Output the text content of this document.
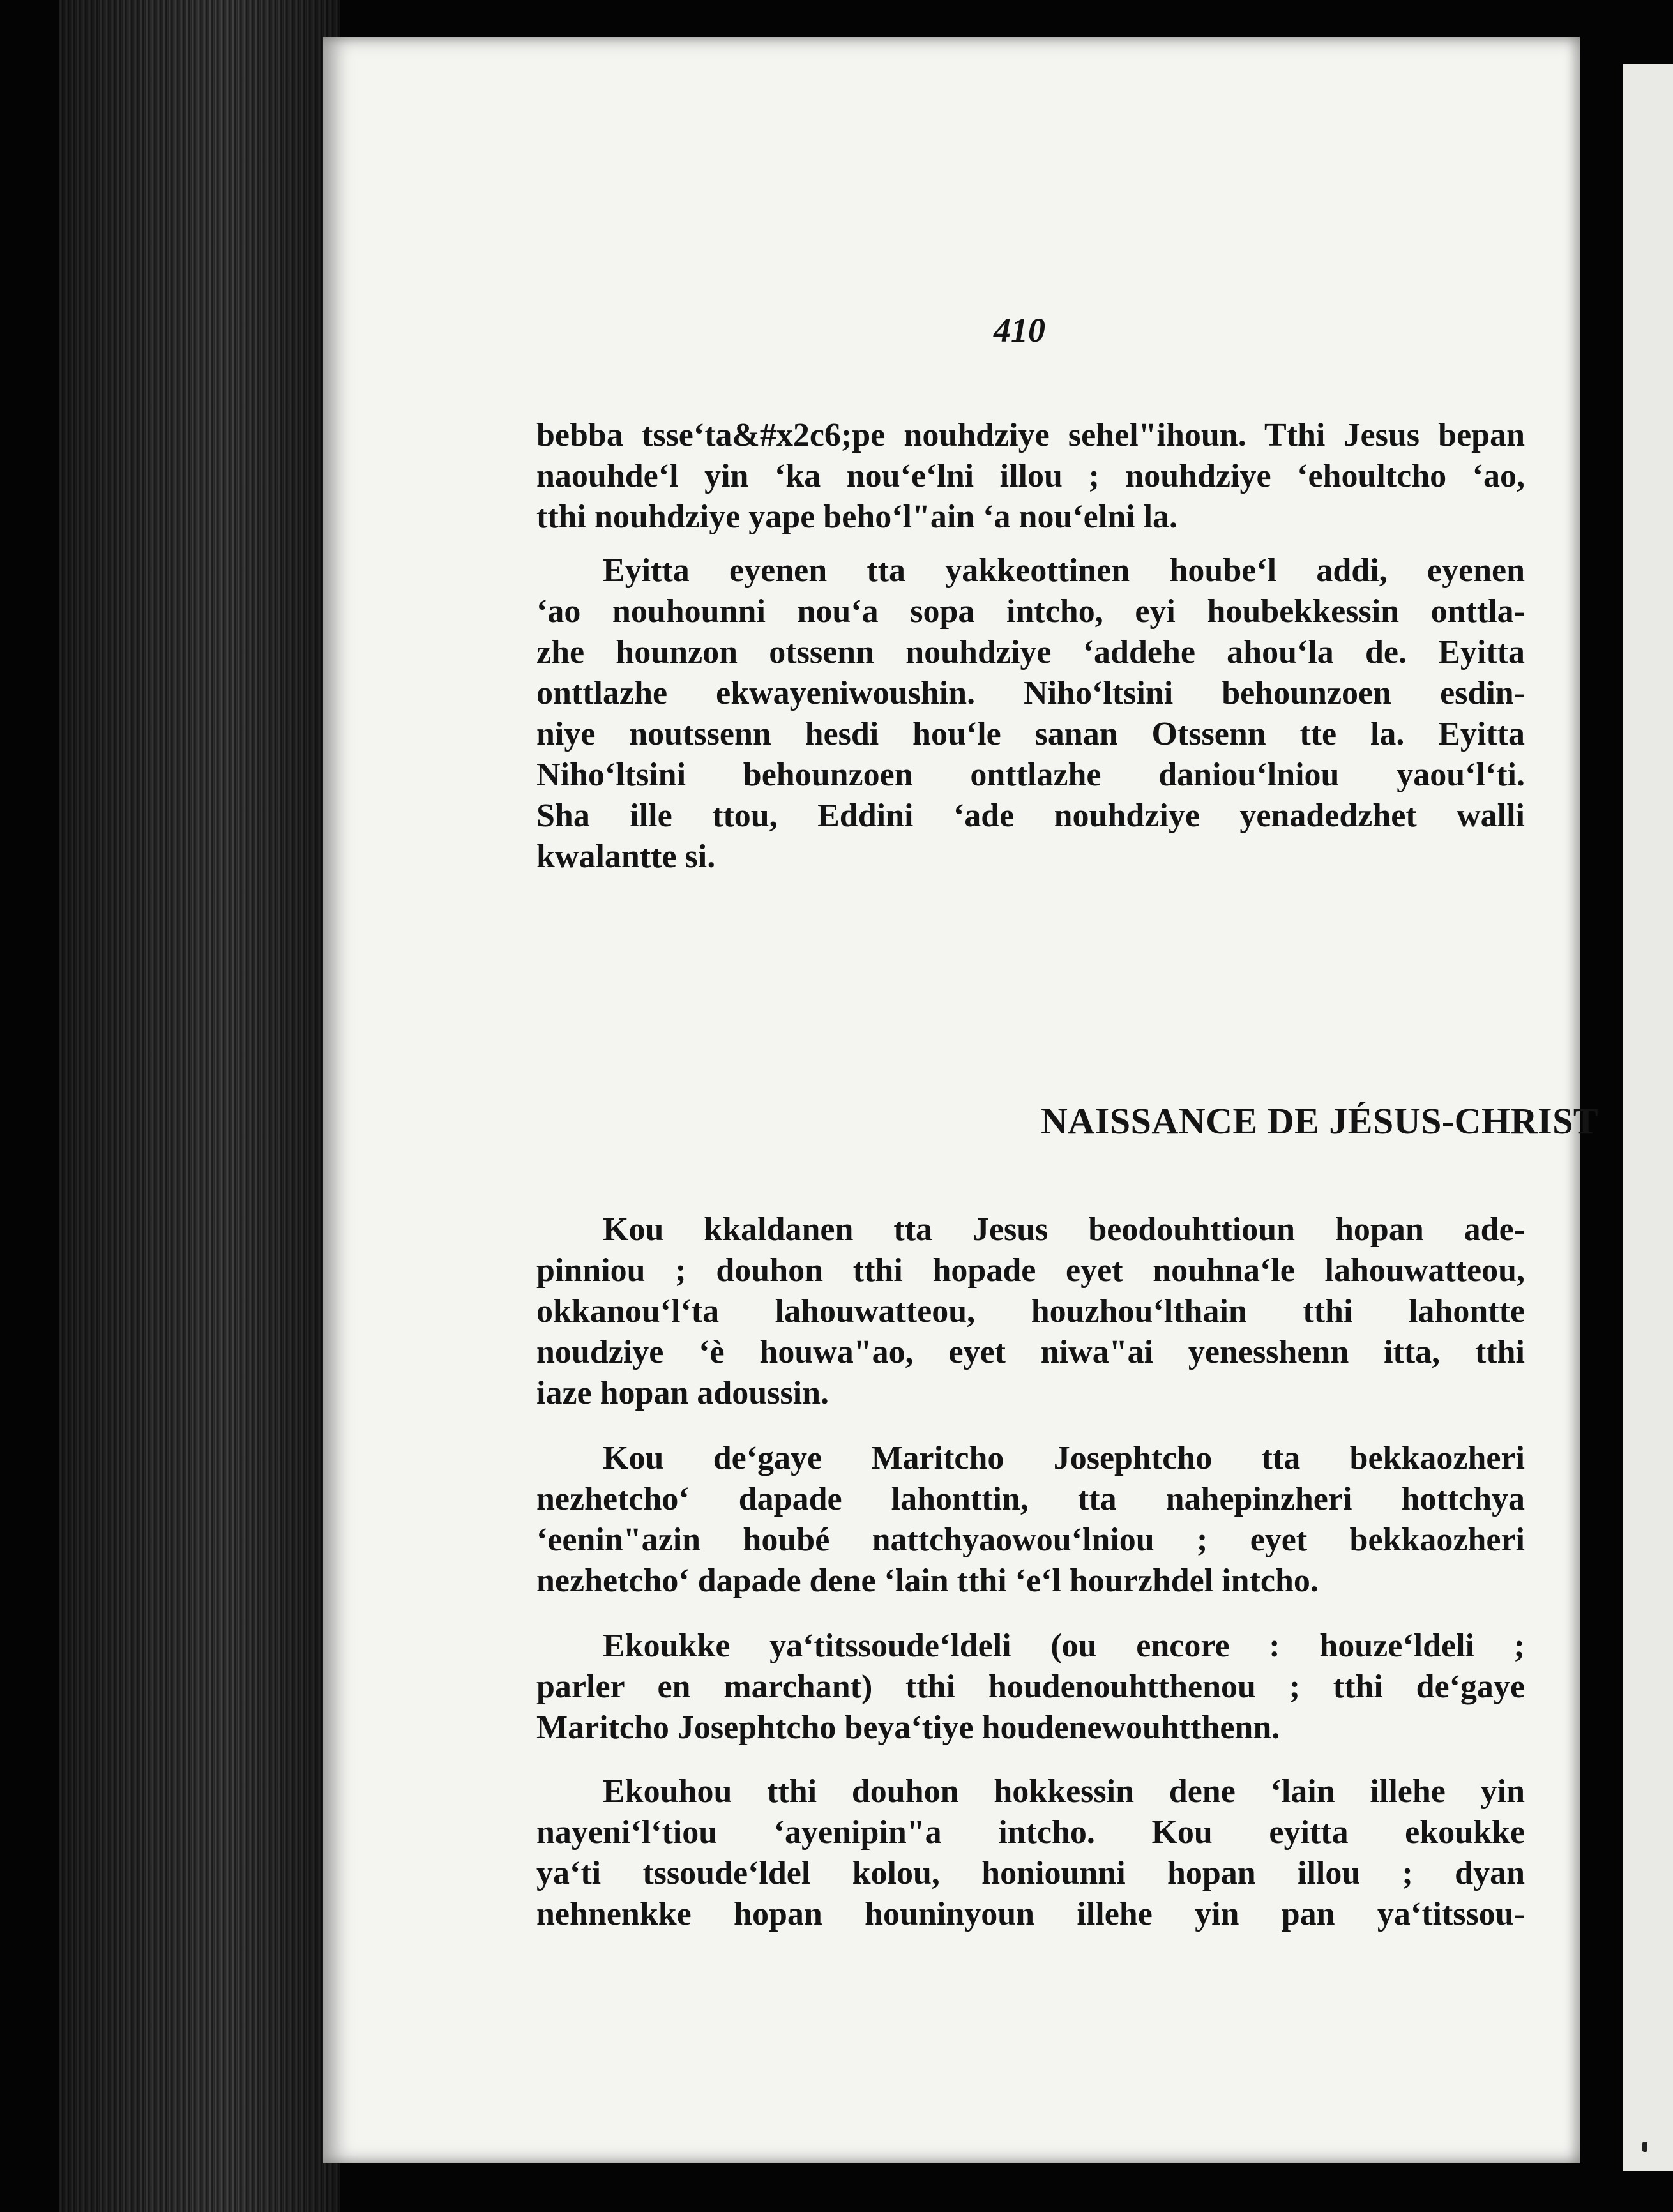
410

bebba tsse‘ta&#x2c6;pe nouhdziye sehel"ihoun. Tthi Jesus bepan
naouhde‘l yin ‘ka nou‘e‘lni illou ; nouhdziye ‘ehoultcho ‘ao,
tthi nouhdziye yape beho‘l"ain ‘a nou‘elni la.

Eyitta eyenen tta yakkeottinen hoube‘l addi, eyenen
‘ao nouhounni nou‘a sopa intcho, eyi houbekkessin onttla-
zhe hounzon otssenn nouhdziye ‘addehe ahou‘la de. Eyitta
onttlazhe ekwayeniwoushin. Niho‘ltsini behounzoen esdin-
niye noutssenn hesdi hou‘le sanan Otssenn tte la. Eyitta
Niho‘ltsini behounzoen onttlazhe daniou‘lniou yaou‘l‘ti.
Sha ille ttou, Eddini ‘ade nouhdziye yenadedzhet walli
kwalantte si.

NAISSANCE DE JÉSUS-CHRIST

Kou kkaldanen tta Jesus beodouhttioun hopan ade-
pinniou ; douhon tthi hopade eyet nouhna‘le lahouwatteou,
okkanou‘l‘ta lahouwatteou, houzhou‘lthain tthi lahontte
noudziye ‘è houwa"ao, eyet niwa"ai yenesshenn itta, tthi
iaze hopan adoussin.

Kou de‘gaye Maritcho Josephtcho tta bekkaozheri
nezhetcho‘ dapade lahonttin, tta nahepinzheri hottchya
‘eenin"azin houbé nattchyaowou‘lniou ; eyet bekkaozheri
nezhetcho‘ dapade dene ‘lain tthi ‘e‘l hourzhdel intcho.

Ekoukke ya‘titssoude‘ldeli (ou encore : houze‘ldeli ;
parler en marchant) tthi houdenouhtthenou ; tthi de‘gaye
Maritcho Josephtcho beya‘tiye houdenewouhtthenn.

Ekouhou tthi douhon hokkessin dene ‘lain illehe yin
nayeni‘l‘tiou ‘ayenipin"a intcho. Kou eyitta ekoukke
ya‘ti tssoude‘ldel kolou, honiounni hopan illou ; dyan
nehnenkke hopan houninyoun illehe yin pan ya‘titssou-
